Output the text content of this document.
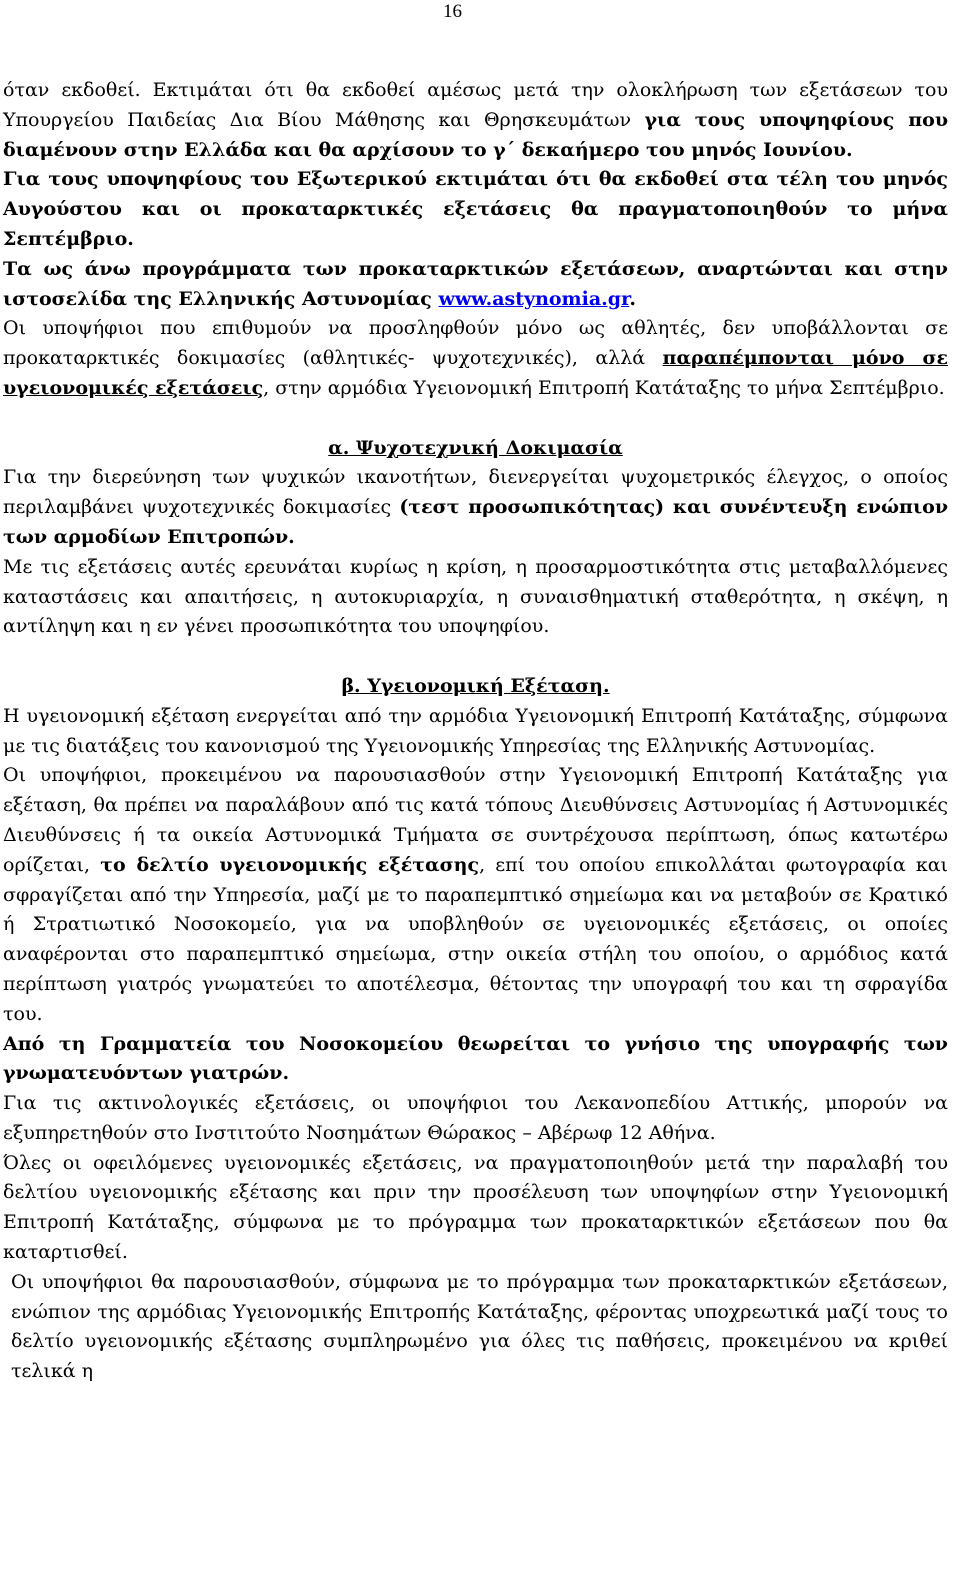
16

όταν εκδοθεί. Εκτιμάται ότι θα εκδοθεί αμέσως μετά την ολοκλήρωση των εξετάσεων του Υπουργείου Παιδείας Δια Βίου Μάθησης και Θρησκευμάτων για τους υποψηφίους που διαμένουν στην Ελλάδα και θα αρχίσουν το γ΄ δεκαήμερο του μηνός Ιουνίου.

Για τους υποψηφίους του Εξωτερικού εκτιμάται ότι θα εκδοθεί στα τέλη του μηνός Αυγούστου και οι προκαταρκτικές εξετάσεις θα πραγματοποιηθούν το μήνα Σεπτέμβριο.

Τα ως άνω προγράμματα των προκαταρκτικών εξετάσεων, αναρτώνται και στην ιστοσελίδα της Ελληνικής Αστυνομίας www.astynomia.gr.

Οι υποψήφιοι που επιθυμούν να προσληφθούν μόνο ως αθλητές, δεν υποβάλλονται σε προκαταρκτικές δοκιμασίες (αθλητικές- ψυχοτεχνικές), αλλά παραπέμπονται μόνο σε υγειονομικές εξετάσεις, στην αρμόδια Υγειονομική Επιτροπή Κατάταξης το μήνα Σεπτέμβριο.

α. Ψυχοτεχνική Δοκιμασία

Για την διερεύνηση των ψυχικών ικανοτήτων, διενεργείται ψυχομετρικός έλεγχος, ο οποίος περιλαμβάνει ψυχοτεχνικές δοκιμασίες (τεστ προσωπικότητας) και συνέντευξη ενώπιον των αρμοδίων Επιτροπών.

Με τις εξετάσεις αυτές ερευνάται κυρίως η κρίση, η προσαρμοστικότητα στις μεταβαλλόμενες καταστάσεις και απαιτήσεις, η αυτοκυριαρχία, η συναισθηματική σταθερότητα, η σκέψη, η αντίληψη και η εν γένει προσωπικότητα του υποψηφίου.

β. Υγειονομική Εξέταση.

Η υγειονομική εξέταση ενεργείται από την αρμόδια Υγειονομική Επιτροπή Κατάταξης, σύμφωνα με τις διατάξεις του κανονισμού της Υγειονομικής Υπηρεσίας της Ελληνικής Αστυνομίας.

Οι υποψήφιοι, προκειμένου να παρουσιασθούν στην Υγειονομική Επιτροπή Κατάταξης για εξέταση, θα πρέπει να παραλάβουν από τις κατά τόπους Διευθύνσεις Αστυνομίας ή Αστυνομικές Διευθύνσεις ή τα οικεία Αστυνομικά Τμήματα σε συντρέχουσα περίπτωση, όπως κατωτέρω ορίζεται, το δελτίο υγειονομικής εξέτασης, επί του οποίου επικολλάται φωτογραφία και σφραγίζεται από την Υπηρεσία, μαζί με το παραπεμπτικό σημείωμα και να μεταβούν σε Κρατικό ή Στρατιωτικό Νοσοκομείο, για να υποβληθούν σε υγειονομικές εξετάσεις, οι οποίες αναφέρονται στο παραπεμπτικό σημείωμα, στην οικεία στήλη του οποίου, ο αρμόδιος κατά περίπτωση γιατρός γνωματεύει το αποτέλεσμα, θέτοντας την υπογραφή του και τη σφραγίδα του.

Από τη Γραμματεία του Νοσοκομείου θεωρείται το γνήσιο της υπογραφής των γνωματευόντων γιατρών.

Για τις ακτινολογικές εξετάσεις, οι υποψήφιοι του Λεκανοπεδίου Αττικής, μπορούν να εξυπηρετηθούν στο Ινστιτούτο Νοσημάτων Θώρακος – Αβέρωφ 12 Αθήνα.

Όλες οι οφειλόμενες υγειονομικές εξετάσεις, να πραγματοποιηθούν μετά την παραλαβή του δελτίου υγειονομικής εξέτασης και πριν την προσέλευση των υποψηφίων στην Υγειονομική Επιτροπή Κατάταξης, σύμφωνα με το πρόγραμμα των προκαταρκτικών εξετάσεων που θα καταρτισθεί.

Οι υποψήφιοι θα παρουσιασθούν, σύμφωνα με το πρόγραμμα των προκαταρκτικών εξετάσεων, ενώπιον της αρμόδιας Υγειονομικής Επιτροπής Κατάταξης, φέροντας υποχρεωτικά μαζί τους το δελτίο υγειονομικής εξέτασης συμπληρωμένο για όλες τις παθήσεις, προκειμένου να κριθεί τελικά η
